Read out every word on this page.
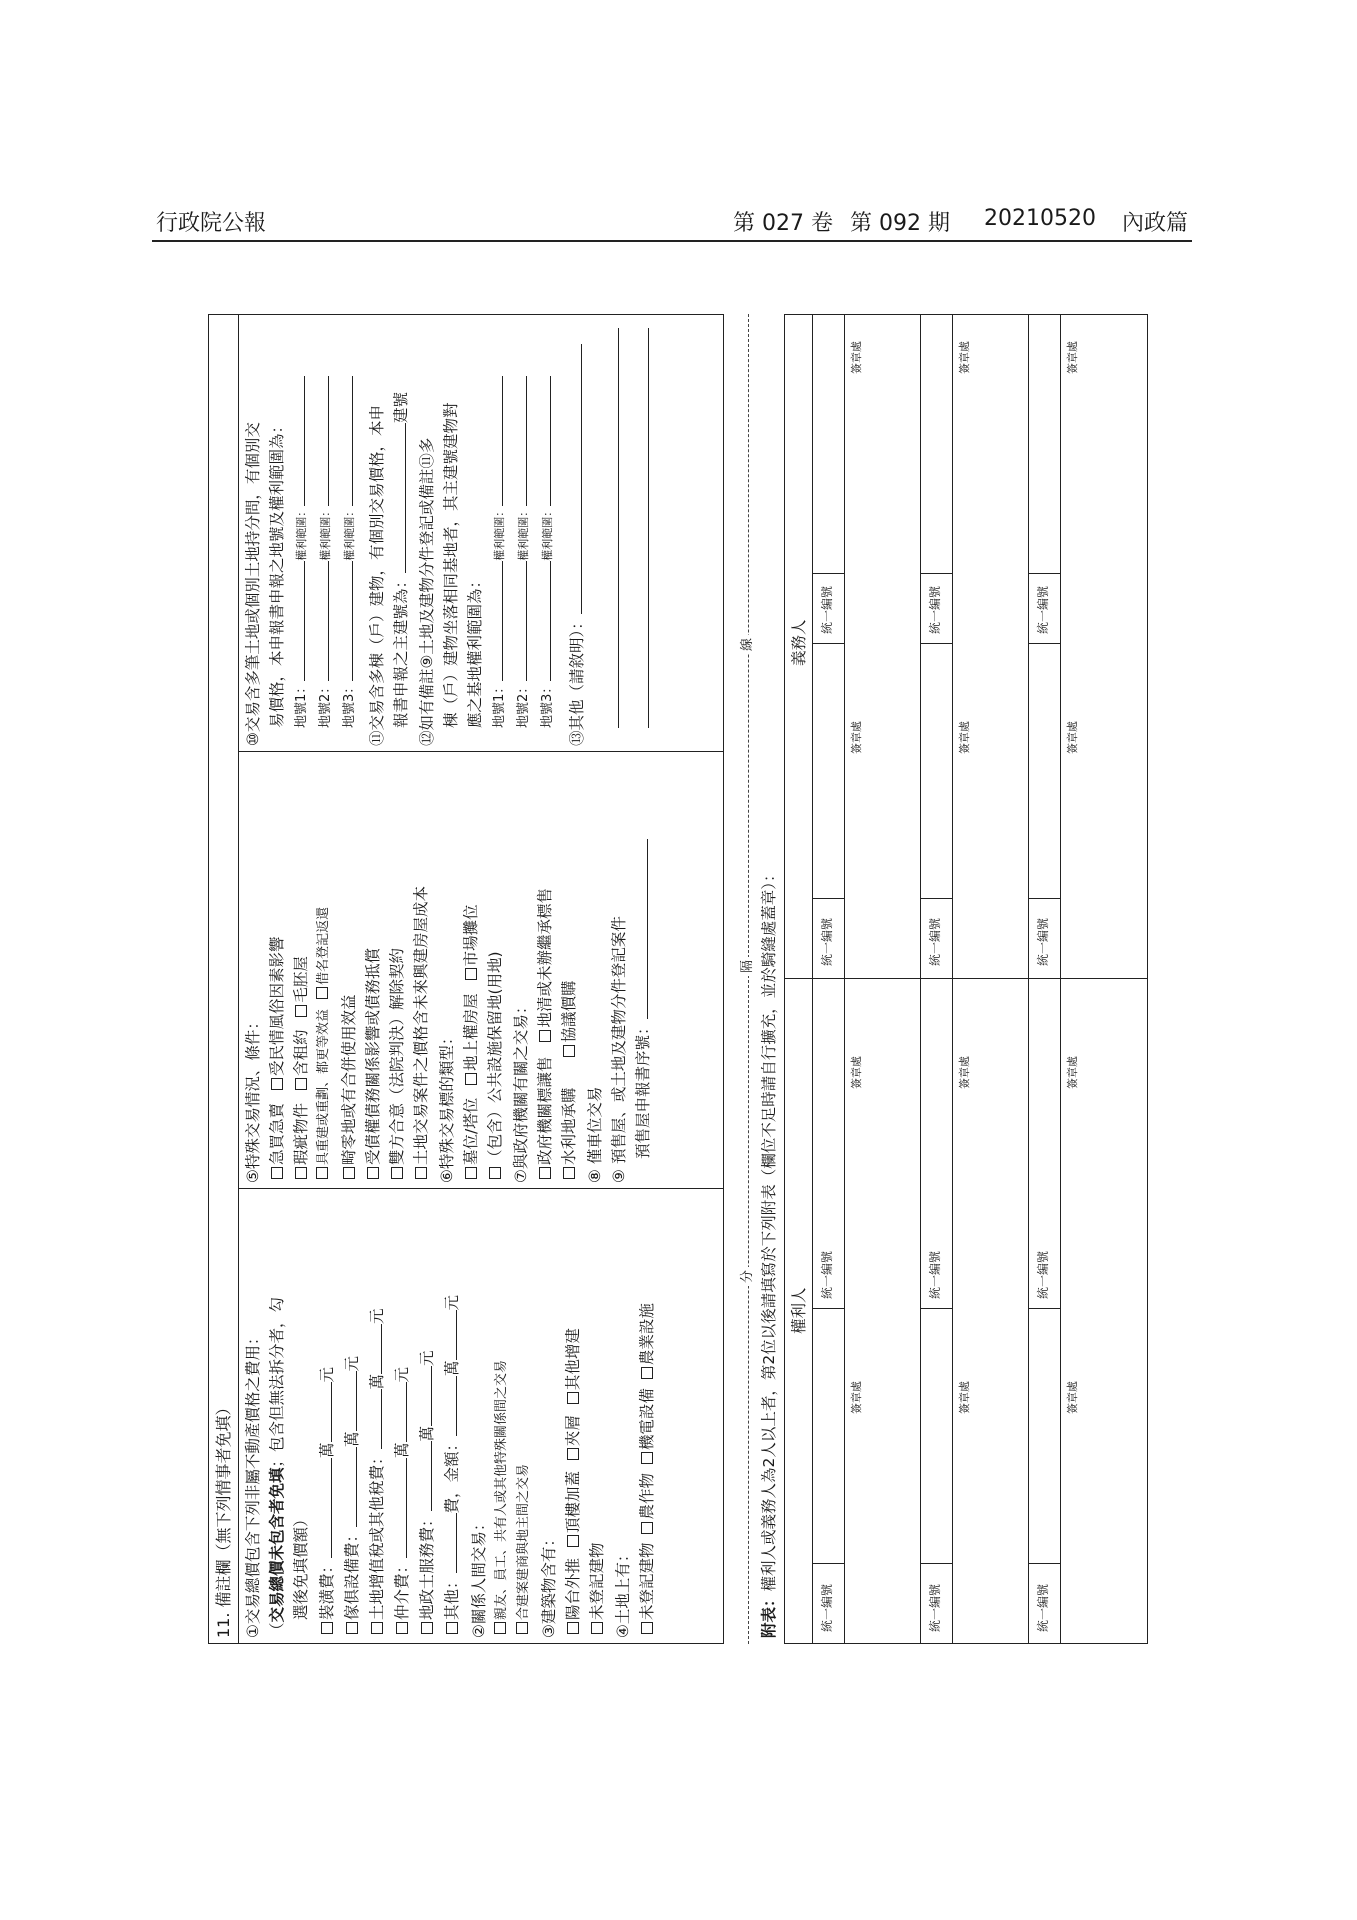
行政院公報	第 027 卷 第 092 期 20210520 內政篇
11. 備註欄（無下列情事者免填） ①交易總價包含下列非屬不動產價格之費用： （交易總價未包含者免填；包含但無法拆分者，勾
選後免填價額） 裝潢費：萬元
傢俱設備費：萬元
土地增值稅或其他稅費：萬元
仲介費：萬元
地政士服務費：萬元
其他：費，金額：萬元
②關係人間交易： 親友、員工、共有人或其他特殊關係間之交易 合建案建商與地主間之交易 ③建築物含有： 陽台外推 頂樓加蓋 夾層 其他增建
未登記建物 ④土地上有： 未登記建物 農作物 機電設備 農業設施
⑤特殊交易情況、條件： 急買急賣 受民情風俗因素影響
瑕疵物件 含租約 毛胚屋
具重建或重劃、都更等效益 借名登記返還
畸零地或有合併使用效益 受債權債務關係影響或債務抵償 雙方合意（法院判決）解除契約 土地交易案件之價格含未來興建房屋成本 ⑥特殊交易標的類型： 墓位/塔位 地上權房屋 市場攤位
（包含）公共設施保留地(用地) ⑦與政府機關有關之交易： 政府機關標讓售 地清或未辦繼承標售
水利地承購 協議價購
⑧ 僅車位交易 ⑨ 預售屋、或土地及建物分件登記案件 預售屋申報書序號：
⑩交易含多筆土地或個別土地持分問，有個別交 易價格，本申報書申報之地號及權利範圍為： 地號1：權利範圍：
地號2：權利範圍：
地號3：權利範圍： ⑪交易含多棟（戶）建物，有個別交易價格，本申 報書申報之主建號為：建號
⑫如有備註⑨土地及建物分件登記或備註⑪多 棟（戶）建物坐落相同基地者，其主建號建物對 應之基地權利範圍為： 地號1：權利範圍：
地號2：權利範圍：
地號3：權利範圍：
⑬其他（請敘明）：
分
隔
線
附表：權利人或義務人為2人以上者，第2位以後請填寫於下列附表（欄位不足時請自行擴充，並於騎縫處蓋章）： 權利人
義務人
統一編號	統一編號	統一編號
統一編號	統一編號	統一編號
統一編號	統一編號	統一編號
統一編號	統一編號	統一編號
簽章處	簽章處	簽章處
簽章處	簽章處	簽章處
簽章處	簽章處	簽章處
簽章處	簽章處	簽章處
